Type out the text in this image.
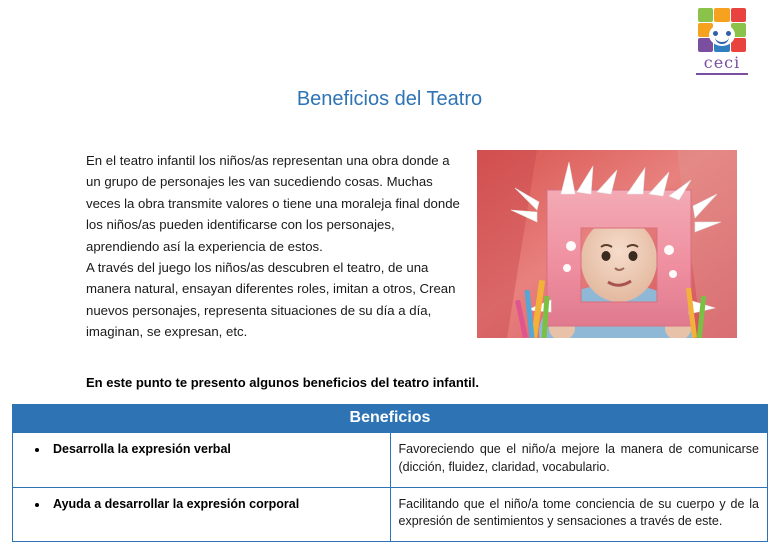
ceci
Beneficios del Teatro

En el teatro infantil los niños/as representan una obra donde a un grupo de personajes les van sucediendo cosas. Muchas veces la obra transmite valores o tiene una moraleja final donde los niños/as pueden identificarse con los personajes, aprendiendo así la experiencia de estos.

A través del juego los niños/as descubren el teatro, de una manera natural, ensayan diferentes roles, imitan a otros, Crean nuevos personajes, representa situaciones de su día a día, imaginan, se expresan, etc.

En este punto te presento algunos beneficios del teatro infantil.
Beneficios	

• Desarrolla la expresión verbal	Favoreciendo que el niño/a mejore la manera de comunicarse (dicción, fluidez, claridad, vocabulario.

• Ayuda a desarrollar la expresión corporal	Facilitando que el niño/a tome conciencia de su cuerpo y de la expresión de sentimientos y sensaciones a través de este.
